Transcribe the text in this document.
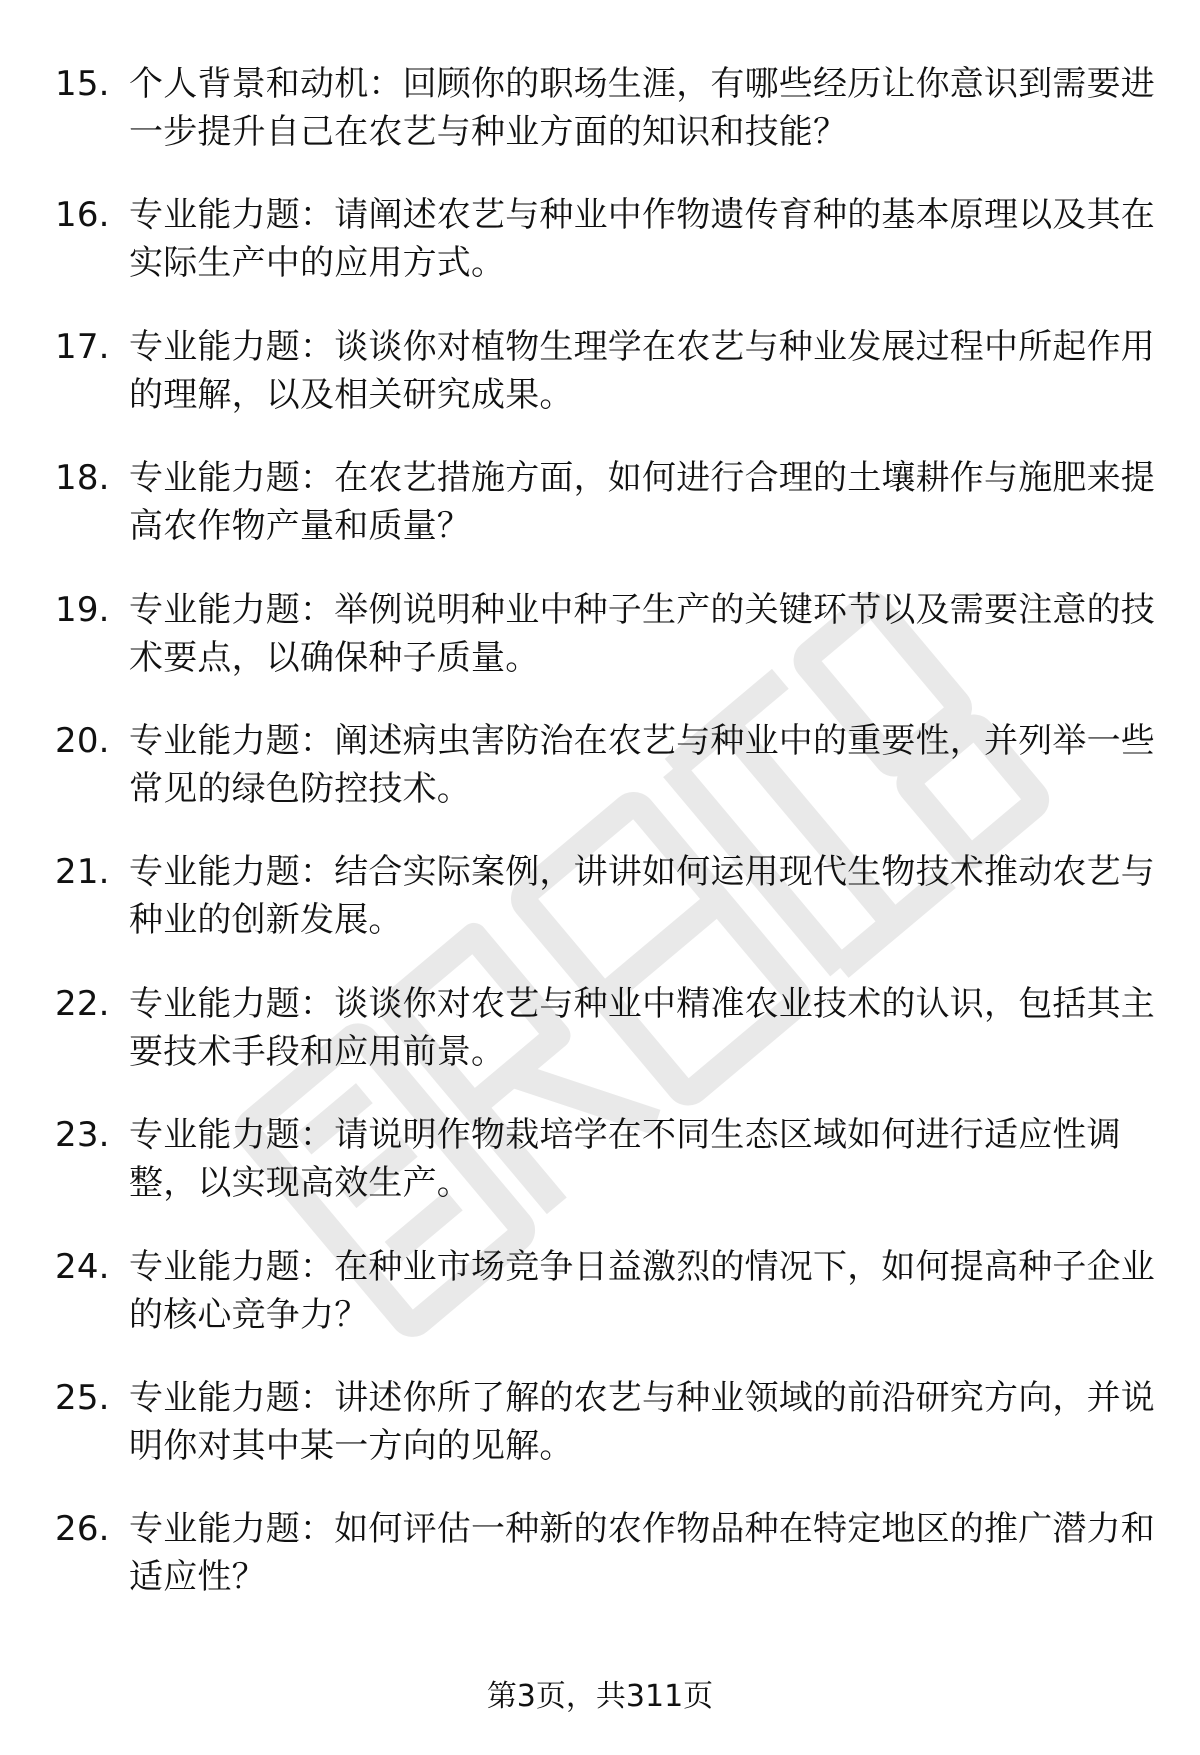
15. 个人背景和动机：回顾你的职场生涯，有哪些经历让你意识到需要进一步提升自己在农艺与种业方面的知识和技能？
16. 专业能力题：请阐述农艺与种业中作物遗传育种的基本原理以及其在实际生产中的应用方式。
17. 专业能力题：谈谈你对植物生理学在农艺与种业发展过程中所起作用的理解，以及相关研究成果。
18. 专业能力题：在农艺措施方面，如何进行合理的土壤耕作与施肥来提高农作物产量和质量？
19. 专业能力题：举例说明种业中种子生产的关键环节以及需要注意的技术要点，以确保种子质量。
20. 专业能力题：阐述病虫害防治在农艺与种业中的重要性，并列举一些常见的绿色防控技术。
21. 专业能力题：结合实际案例，讲讲如何运用现代生物技术推动农艺与种业的创新发展。
22. 专业能力题：谈谈你对农艺与种业中精准农业技术的认识，包括其主要技术手段和应用前景。
23. 专业能力题：请说明作物栽培学在不同生态区域如何进行适应性调整，以实现高效生产。
24. 专业能力题：在种业市场竞争日益激烈的情况下，如何提高种子企业的核心竞争力？
25. 专业能力题：讲述你所了解的农艺与种业领域的前沿研究方向，并说明你对其中某一方向的见解。
26. 专业能力题：如何评估一种新的农作物品种在特定地区的推广潜力和适应性？
第3页，共311页
